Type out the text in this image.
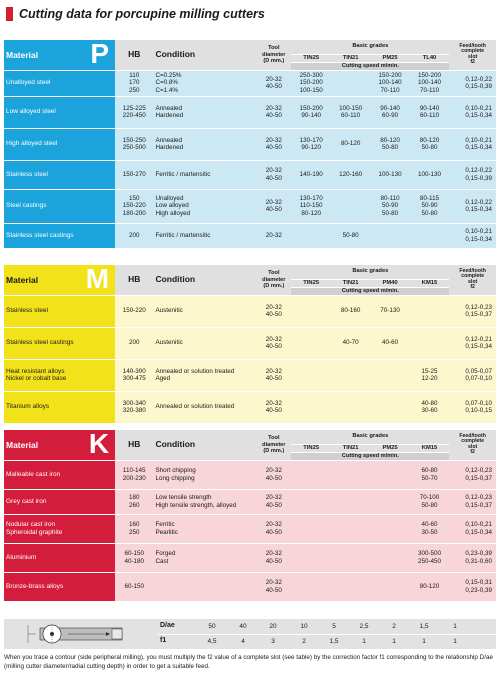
Cutting data for porcupine milling cutters
P
Material	HB	Condition	Tool
diameter
(D mm.)	Basic grades				Feed/tooth
complete
slot
f2
				TIN25	TIN21	PM25	TL40	
				Cutting speed m/min.				
Unalloyed steel	110
170
250	C=0.25%
C=0.8%
C=1.4%	20-32
40-50	250-300
150-200
100-150		150-200
100-140
70-110	150-200
100-140
70-110	0,12-0,22
0,15-0,39
Low alloyed steel	125-225
220-450	Annealed
Hardened	20-32
40-50	150-200
90-140	100-150
60-110	90-140
60-90	90-140
60-110	0,10-0,21
0,15-0,34
High alloyed steel	150-250
250-500	Annealed
Hardened	20-32
40-50	130-170
90-120	80-120	80-120
50-80	80-120
50-80	0,10-0,21
0,15-0,34
Stainless steel	150-270	Ferritic / martensitic	20-32
40-50	140-190	120-160	100-130	100-130	0,12-0,22
0,15-0,39
Steel castings	150
150-220
180-200	Unalloyed
Low alloyed
High alloyed	20-32
40-50	130-170
110-150
80-120		80-110
50-90
50-80	80-115
50-90
50-80	0,12-0,22
0,15-0,34
Stainless steel castings	200	Ferritic / martensitic	20-32		50-80			0,10-0,21
0,15-0,34
M
Material	HB	Condition	Tool
diameter
(D mm.)	Basic grades				Feed/tooth
complete
slot
f2
				TIN25	TIN21	PM40	KM15	
				Cutting speed m/min.				
Stainless steel	150-220	Austenitic	20-32
40-50		80-160	70-130		0,12-0,23
0,15-0,37
Stainless steel castings	200	Austenitic	20-32
40-50		40-70	40-60		0,12-0,21
0,15-0,34
Heat resistant alloys
Nickel or cobalt base	140-300
300-475	Annealed or solution treated
Aged	20-32
40-50				15-25
12-20	0,05-0,07
0,07-0,10
Titanium alloys	300-340
320-380	Annealed or solution treated	20-32
40-50				40-80
30-60	0,07-0,10
0,10-0,15
K
Material	HB	Condition	Tool
diameter
(D mm.)	Basic grades				Feed/tooth
complete
slot
f2
				TIN25	TIN21	PM25	KM15	
				Cutting speed m/min.				
Malleable cast iron	110-145
200-230	Short chipping
Long chipping	20-32
40-50				60-80
50-70	0,12-0,23
0,15-0,37
Grey cast iron	180
260	Low tensile strength
High tensile strength, alloyed	20-32
40-50				70-100
50-80	0,12-0,23
0,15-0,37
Nodular cast iron
Spheroidal graphite	160
250	Ferritic
Pearlitic	20-32
40-50				40-60
30-50	0,10-0,21
0,15-0,34
Aluminium	60-150
40-180	Forged
Cast	20-32
40-50				300-500
250-450	0,23-0,39
0,31-0,60
Bronze-brass alloys	60-150		20-32
40-50				80-120	0,15-0,31
0,23-0,39
D/ae
f1
50	40	20	10	5	2,5	2	1,5	1
4,5	4	3	2	1,5	1	1	1	1
When you trace a contour (side peripheral milling), you must multiply the f2 value of a complete slot (see table) by the correction factor f1 corresponding to the relationship D/ae (milling cutter diameter/radial cutting depth) in order to get a suitable feed.
